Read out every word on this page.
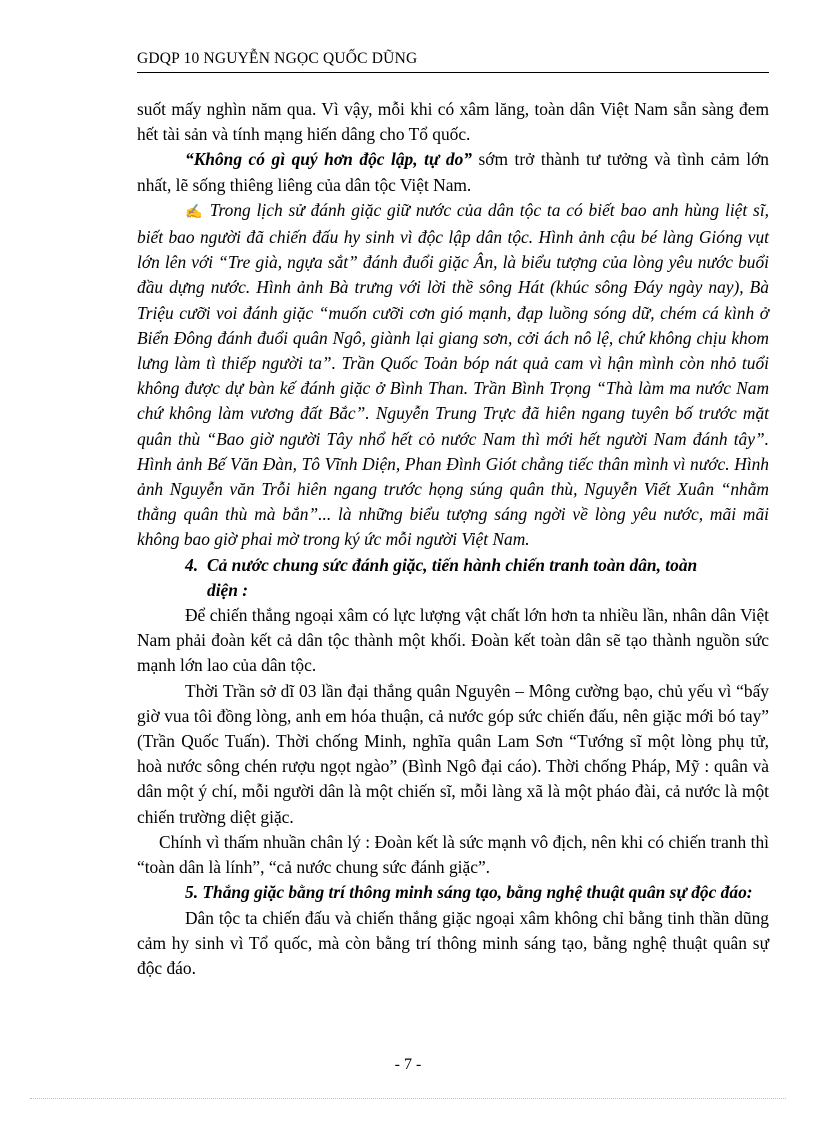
GDQP 10 NGUYỄN NGỌC QUỐC DŨNG

suốt mấy nghìn năm qua. Vì vậy, mỗi khi có xâm lăng, toàn dân Việt Nam sẵn sàng đem hết tài sản và tính mạng hiến dâng cho Tổ quốc.

“Không có gì quý hơn độc lập, tự do” sớm trở thành tư tưởng và tình cảm lớn nhất, lẽ sống thiêng liêng của dân tộc Việt Nam.

✍ Trong lịch sử đánh giặc giữ nước của dân tộc ta có biết bao anh hùng liệt sĩ, biết bao người đã chiến đấu hy sinh vì độc lập dân tộc. Hình ảnh cậu bé làng Gióng vụt lớn lên với “Tre già, ngựa sắt” đánh đuổi giặc Ân, là biểu tượng của lòng yêu nước buổi đầu dựng nước. Hình ảnh Bà trưng với lời thề sông Hát (khúc sông Đáy ngày nay), Bà Triệu cưỡi voi đánh giặc “muốn cưỡi cơn gió mạnh, đạp luồng sóng dữ, chém cá kình ở Biển Đông đánh đuổi quân Ngô, giành lại giang sơn, cởi ách nô lệ, chứ không chịu khom lưng làm tì thiếp người ta”. Trần Quốc Toản bóp nát quả cam vì hận mình còn nhỏ tuổi không được dự bàn kế đánh giặc ở Bình Than. Trần Bình Trọng “Thà làm ma nước Nam chứ không làm vương đất Bắc”. Nguyễn Trung Trực đã hiên ngang tuyên bố trước mặt quân thù “Bao giờ người Tây nhổ hết cỏ nước Nam thì mới hết người Nam đánh tây”. Hình ảnh Bế Văn Đàn, Tô Vĩnh Diện, Phan Đình Giót chẳng tiếc thân mình vì nước. Hình ảnh Nguyễn văn Trỗi hiên ngang trước họng súng quân thù, Nguyễn Viết Xuân “nhằm thẳng quân thù mà bắn”... là những biểu tượng sáng ngời về lòng yêu nước, mãi mãi không bao giờ phai mờ trong ký ức mỗi người Việt Nam.

4. Cả nước chung sức đánh giặc, tiến hành chiến tranh toàn dân, toàn
diện :

Để chiến thắng ngoại xâm có lực lượng vật chất lớn hơn ta nhiều lần, nhân dân Việt Nam phải đoàn kết cả dân tộc thành một khối. Đoàn kết toàn dân sẽ tạo thành nguồn sức mạnh lớn lao của dân tộc.

Thời Trần sở dĩ 03 lần đại thắng quân Nguyên – Mông cường bạo, chủ yếu vì “bấy giờ vua tôi đồng lòng, anh em hóa thuận, cả nước góp sức chiến đấu, nên giặc mới bó tay” (Trần Quốc Tuấn). Thời chống Minh, nghĩa quân Lam Sơn “Tướng sĩ một lòng phụ tử, hoà nước sông chén rượu ngọt ngào” (Bình Ngô đại cáo). Thời chống Pháp, Mỹ : quân và dân một ý chí, mỗi người dân là một chiến sĩ, mỗi làng xã là một pháo đài, cả nước là một chiến trường diệt giặc.

Chính vì thấm nhuần chân lý : Đoàn kết là sức mạnh vô địch, nên khi có chiến tranh thì “toàn dân là lính”, “cả nước chung sức đánh giặc”.

5. Thắng giặc bằng trí thông minh sáng tạo, bằng nghệ thuật quân sự độc đáo:

Dân tộc ta chiến đấu và chiến thắng giặc ngoại xâm không chỉ bằng tinh thần dũng cảm hy sinh vì Tổ quốc, mà còn bằng trí thông minh sáng tạo, bằng nghệ thuật quân sự độc đáo.

- 7 -
